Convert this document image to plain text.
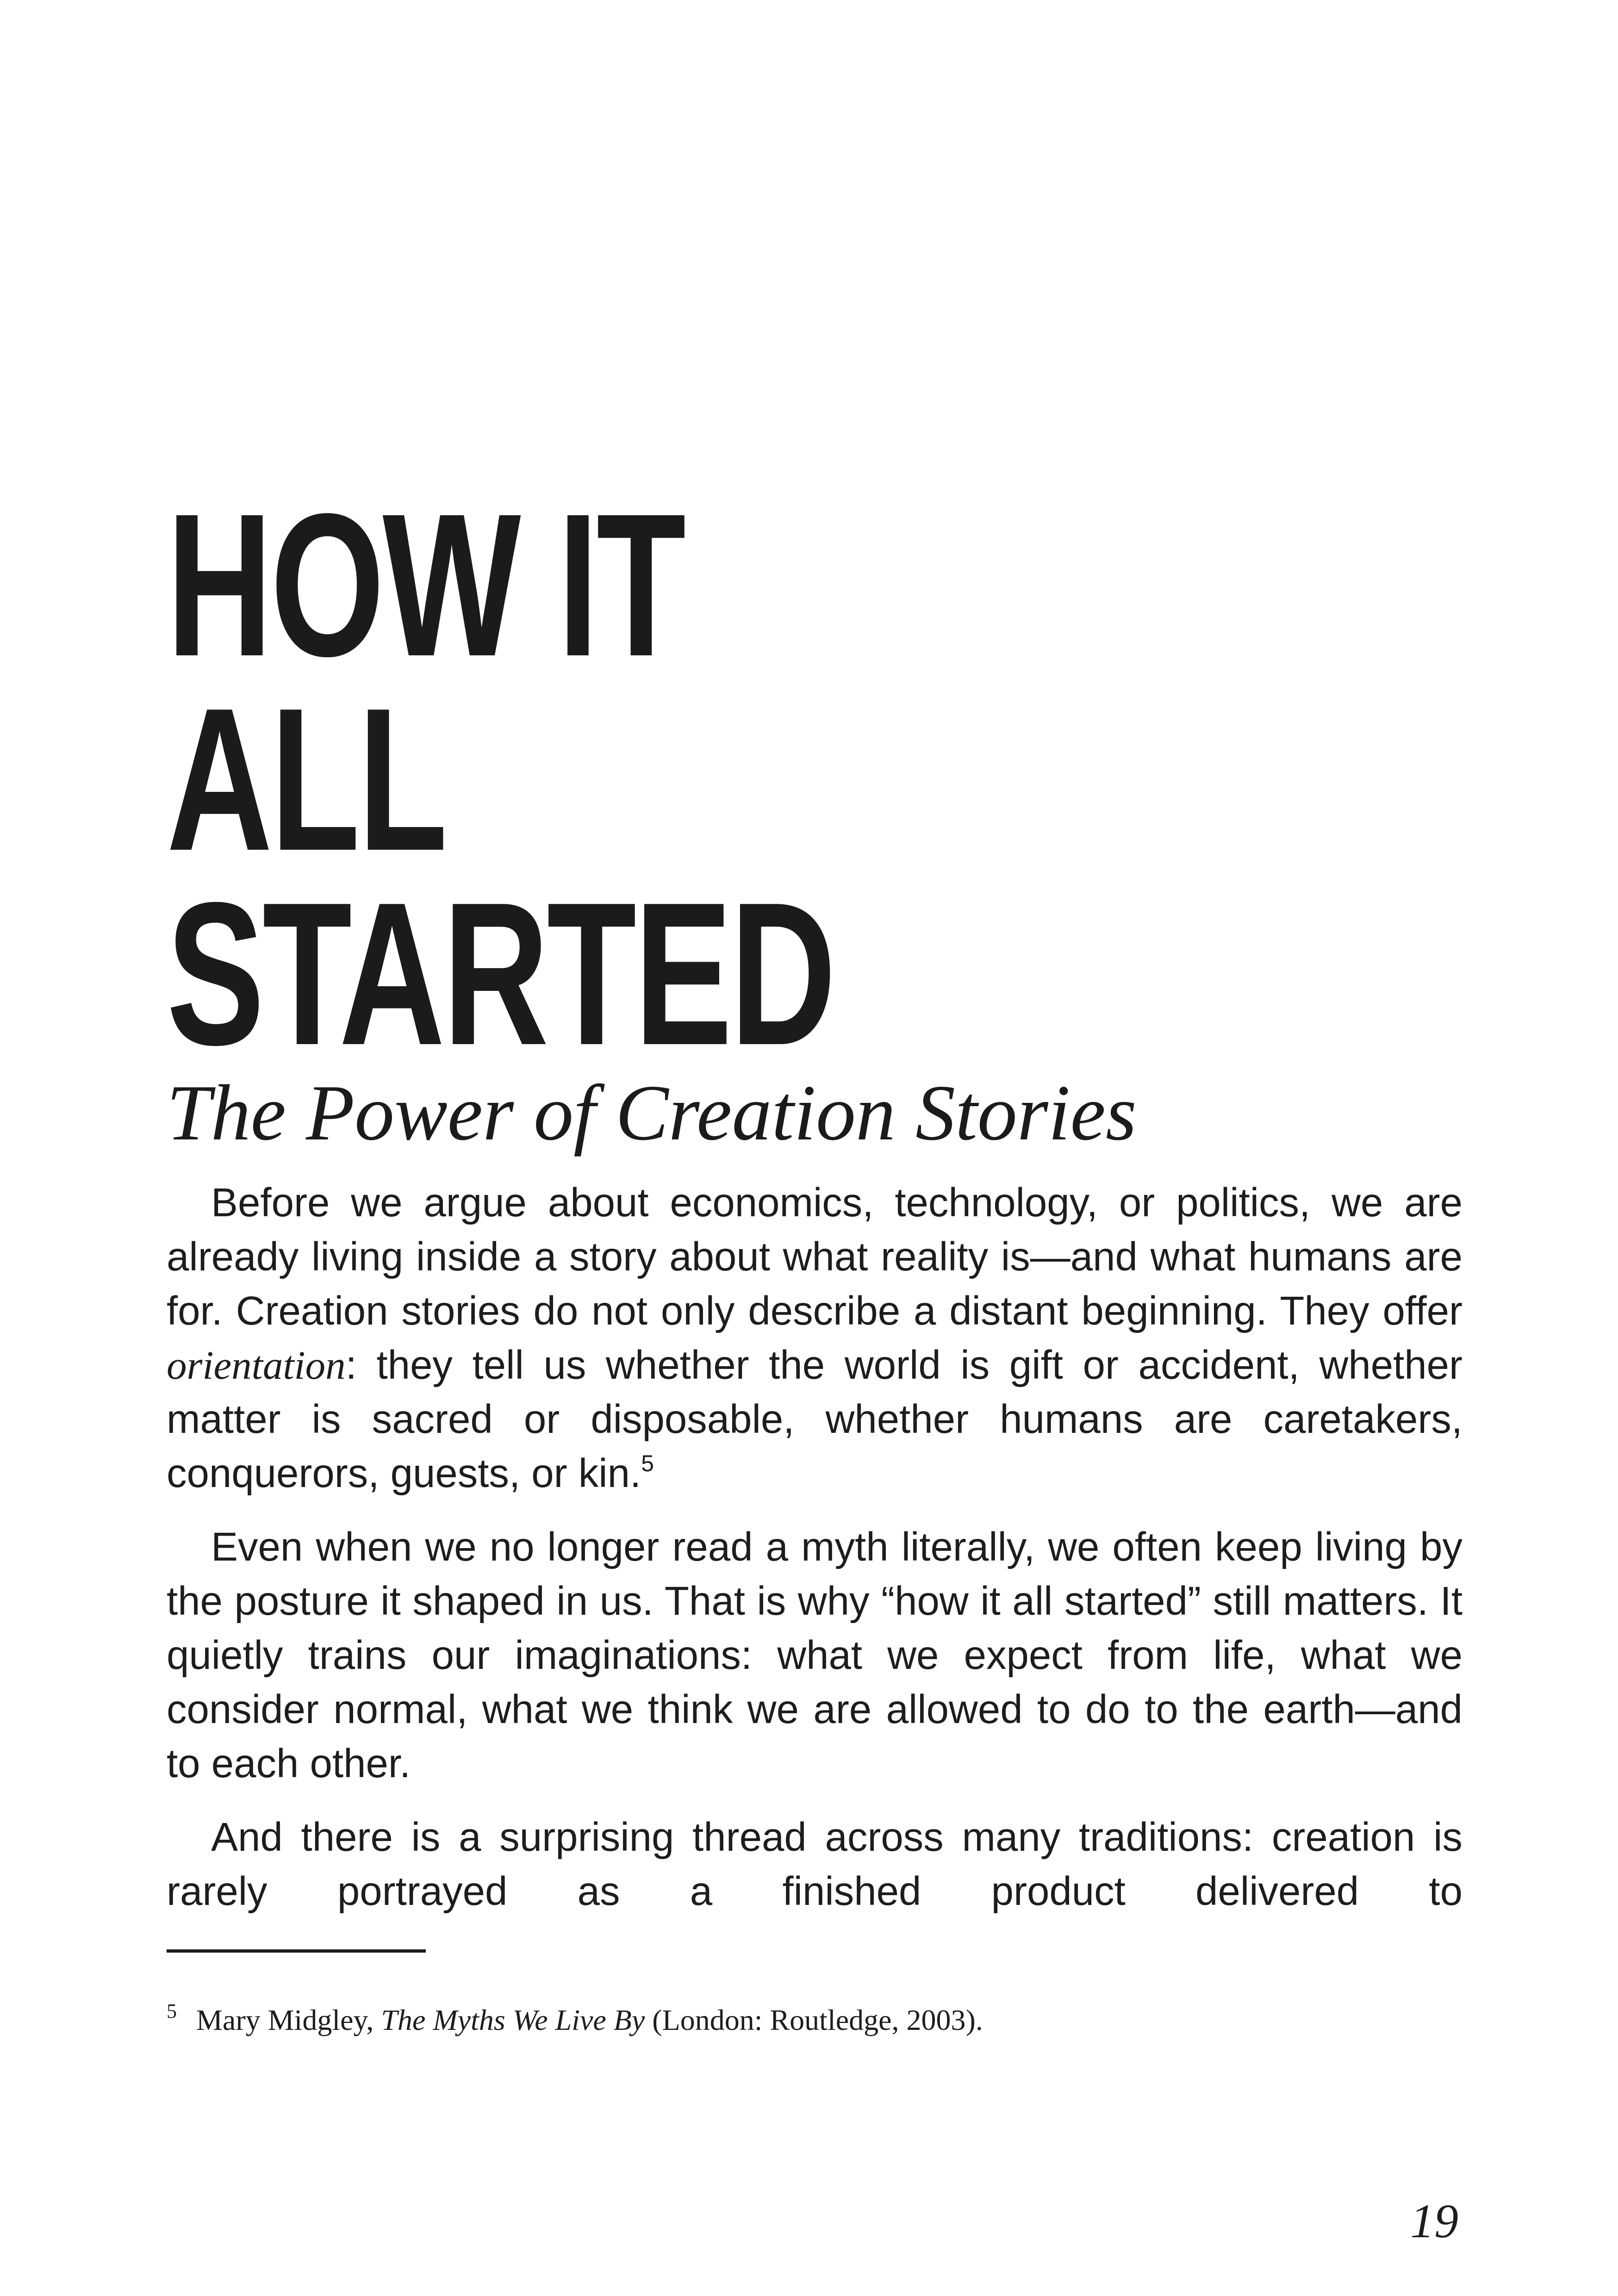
HOW IT ALL
STARTED
The Power of Creation Stories

Before we argue about economics, technology, or politics, we are already living inside a story about what reality is—and what humans are for. Creation stories do not only describe a distant beginning. They offer orientation: they tell us whether the world is gift or accident, whether matter is sacred or disposable, whether humans are caretakers, conquerors, guests, or kin.$^5$

Even when we no longer read a myth literally, we often keep living by the posture it shaped in us. That is why “how it all started” still matters. It quietly trains our imaginations: what we expect from life, what we consider normal, what we think we are allowed to do to the earth—and to each other.

And there is a surprising thread across many traditions: creation is rarely portrayed as a finished product delivered to

$^5$ Mary Midgley, The Myths We Live By (London: Routledge, 2003).
19
